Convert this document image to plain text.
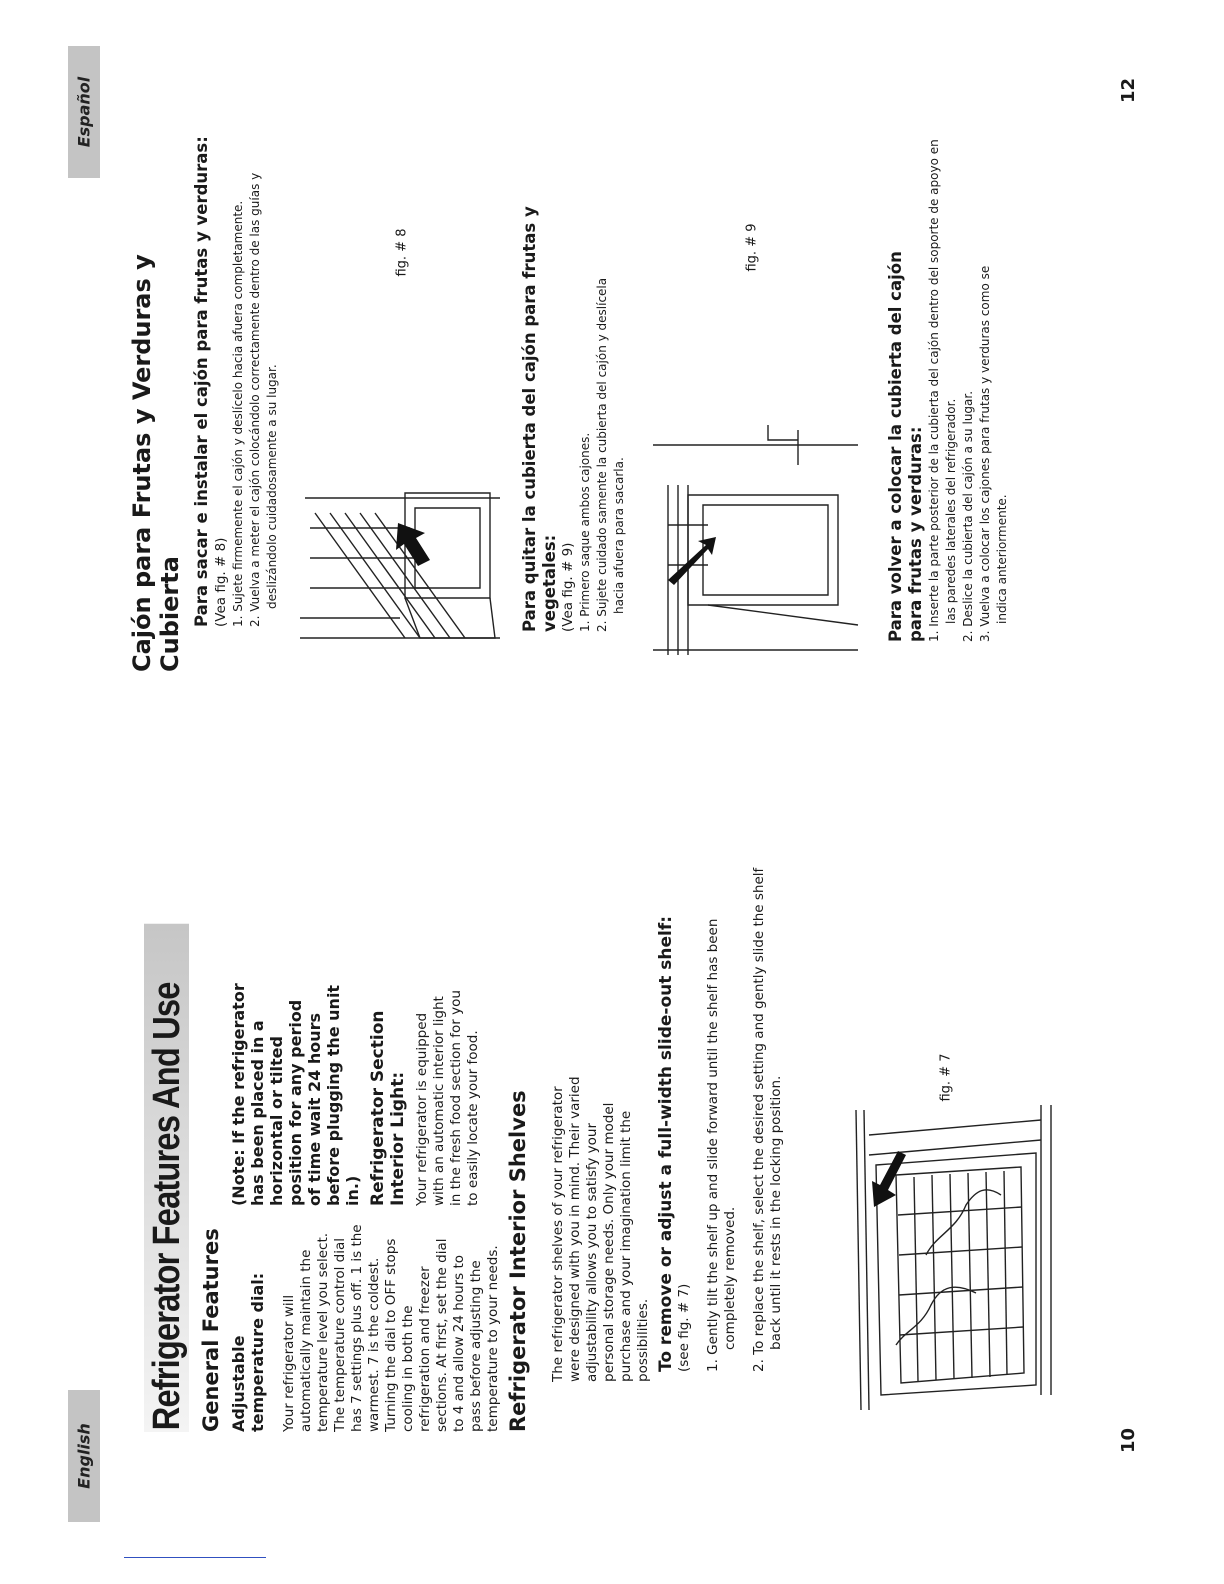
English
Español
10
12
Refrigerator Features And Use General Features Adjustable temperature dial: Your refrigerator will automatically maintain the temperature level you select. The temperature control dial has 7 settings plus off. 1 is the warmest. 7 is the coldest. Turning the dial to OFF stops cooling in both the refrigeration and freezer sections. At first, set the dial to 4 and allow 24 hours to pass before adjusting the temperature to your needs.

(Note: If the refrigerator has been placed in a horizontal or tilted position for any period of time wait 24 hours before plugging the unit in.) Refrigerator Section Interior Light: Your refrigerator is equipped with an automatic interior light in the fresh food section for you to easily locate your food. Refrigerator Interior Shelves The refrigerator shelves of your refrigerator were designed with you in mind. Their varied adjustability allows you to satisfy your personal storage needs. Only your model purchase and your imagination limit the possibilities. To remove or adjust a full-width slide-out shelf: (see fig. # 7) 1. Gently tilt the shelf up and slide forward until the shelf has been completely removed. 2. To replace the shelf, select the desired setting and gently slide the shelf back until it rests in the locking position.	fig. # 7
Cajón para Frutas y Verduras y Cubierta Para sacar e instalar el cajón para frutas y verduras: (Vea fig. # 8) 1. Sujete firmemente el cajón y deslícelo hacia afuera completamente. 2. Vuelva a meter el cajón colocándolo correctamente dentro de las guías y deslizándolo cuidadosamente a su lugar.

fig. # 8	Para quitar la cubierta del cajón para frutas y vegetales: (Vea fig. # 9) 1. Primero saque ambos cajones. 2. Sujete cuidado samente la cubierta del cajón y deslícela hacia afuera para sacarla.

fig. # 9
Para volver a colocar la cubierta del cajón para frutas y verduras: 1. Inserte la parte posterior de la cubierta del cajón dentro del soporte de apoyo en las paredes laterales del refrigerador. 2. Deslice la cubierta del cajón a su lugar. 3. Vuelva a colocar los cajones para frutas y verduras como se indica anteriormente.
